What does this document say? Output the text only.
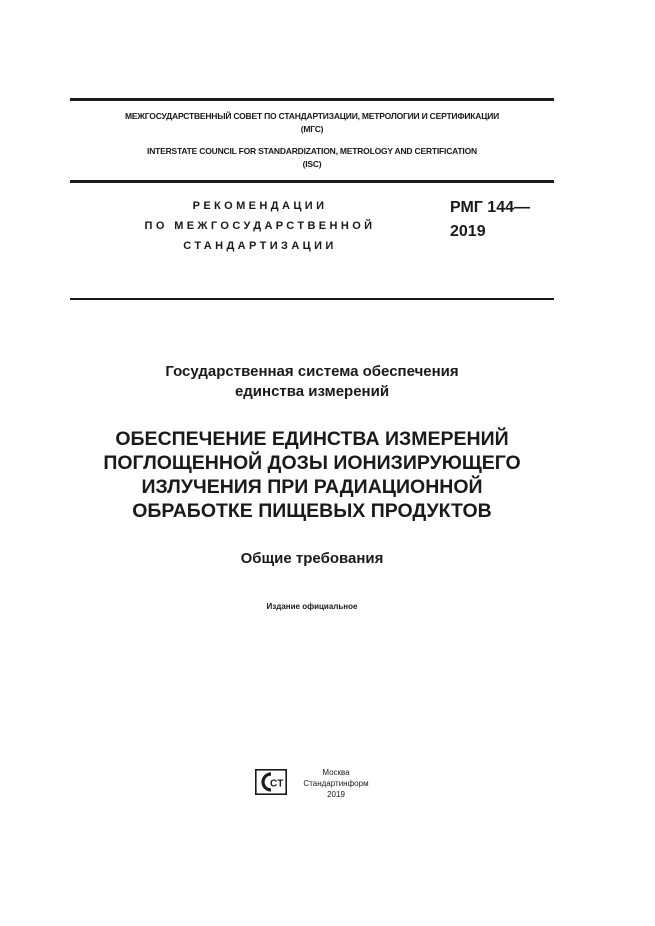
МЕЖГОСУДАРСТВЕННЫЙ СОВЕТ ПО СТАНДАРТИЗАЦИИ, МЕТРОЛОГИИ И СЕРТИФИКАЦИИ
(МГС)
INTERSTATE COUNCIL FOR STANDARDIZATION, METROLOGY AND CERTIFICATION
(ISC)
РЕКОМЕНДАЦИИ
ПО МЕЖГОСУДАРСТВЕННОЙ
СТАНДАРТИЗАЦИИ
РМГ 144—
2019
Государственная система обеспечения
единства измерений
ОБЕСПЕЧЕНИЕ ЕДИНСТВА ИЗМЕРЕНИЙ
ПОГЛОЩЕННОЙ ДОЗЫ ИОНИЗИРУЮЩЕГО
ИЗЛУЧЕНИЯ ПРИ РАДИАЦИОННОЙ
ОБРАБОТКЕ ПИЩЕВЫХ ПРОДУКТОВ
Общие требования
Издание официальное
CT
Москва
Стандартинформ
2019
